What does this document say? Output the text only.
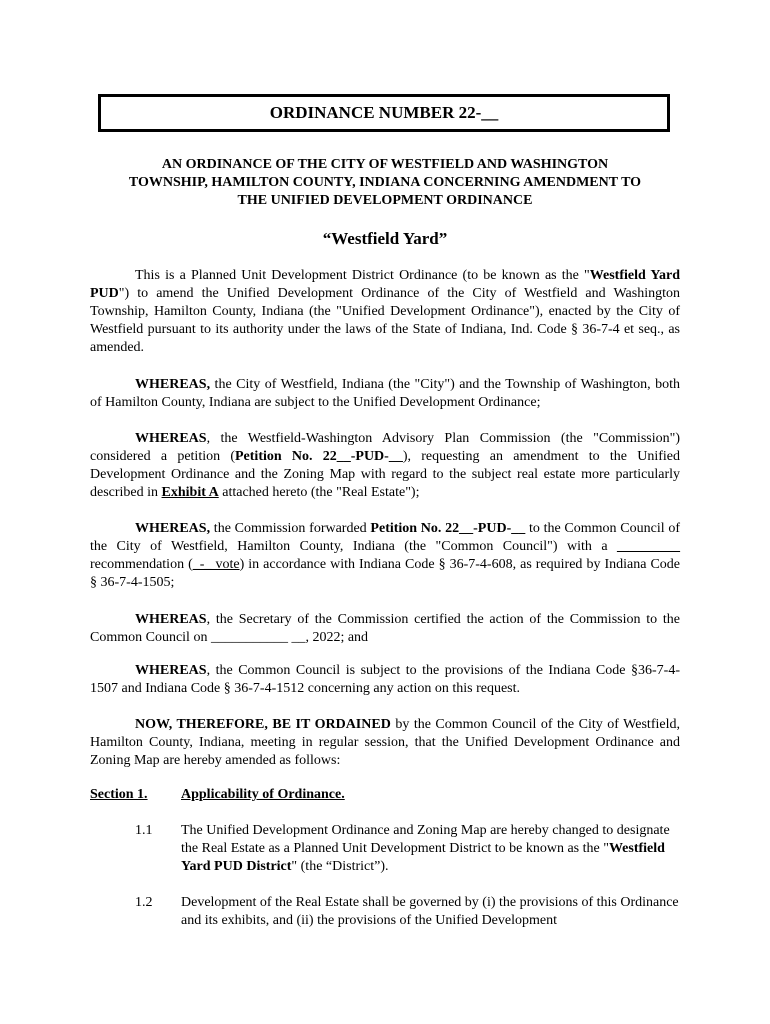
ORDINANCE NUMBER 22-__
AN ORDINANCE OF THE CITY OF WESTFIELD AND WASHINGTON
TOWNSHIP, HAMILTON COUNTY, INDIANA CONCERNING AMENDMENT TO
THE UNIFIED DEVELOPMENT ORDINANCE
“Westfield Yard”

This is a Planned Unit Development District Ordinance (to be known as the "Westfield Yard PUD") to amend the Unified Development Ordinance of the City of Westfield and Washington Township, Hamilton County, Indiana (the "Unified Development Ordinance"), enacted by the City of Westfield pursuant to its authority under the laws of the State of Indiana, Ind. Code § 36-7-4 et seq., as amended.

WHEREAS, the City of Westfield, Indiana (the "City") and the Township of Washington, both of Hamilton County, Indiana are subject to the Unified Development Ordinance;

WHEREAS, the Westfield-Washington Advisory Plan Commission (the "Commission") considered a petition (Petition No. 22__-PUD-__), requesting an amendment to the Unified Development Ordinance and the Zoning Map with regard to the subject real estate more particularly described in Exhibit A attached hereto (the "Real Estate");

WHEREAS, the Commission forwarded Petition No. 22__-PUD-__ to the Common Council of the City of Westfield, Hamilton County, Indiana (the "Common Council") with a _________ recommendation (_-_ vote) in accordance with Indiana Code § 36-7-4-608, as required by Indiana Code § 36-7-4-1505;

WHEREAS, the Secretary of the Commission certified the action of the Commission to the Common Council on ___________ __, 2022; and

WHEREAS, the Common Council is subject to the provisions of the Indiana Code §36-7-4-1507 and Indiana Code § 36-7-4-1512 concerning any action on this request.

NOW, THEREFORE, BE IT ORDAINED by the Common Council of the City of Westfield, Hamilton County, Indiana, meeting in regular session, that the Unified Development Ordinance and Zoning Map are hereby amended as follows:

Section 1. Applicability of Ordinance.
1.1 The Unified Development Ordinance and Zoning Map are hereby changed to designate the Real Estate as a Planned Unit Development District to be known as the "Westfield Yard PUD District" (the “District”).
1.2 Development of the Real Estate shall be governed by (i) the provisions of this Ordinance and its exhibits, and (ii) the provisions of the Unified Development
